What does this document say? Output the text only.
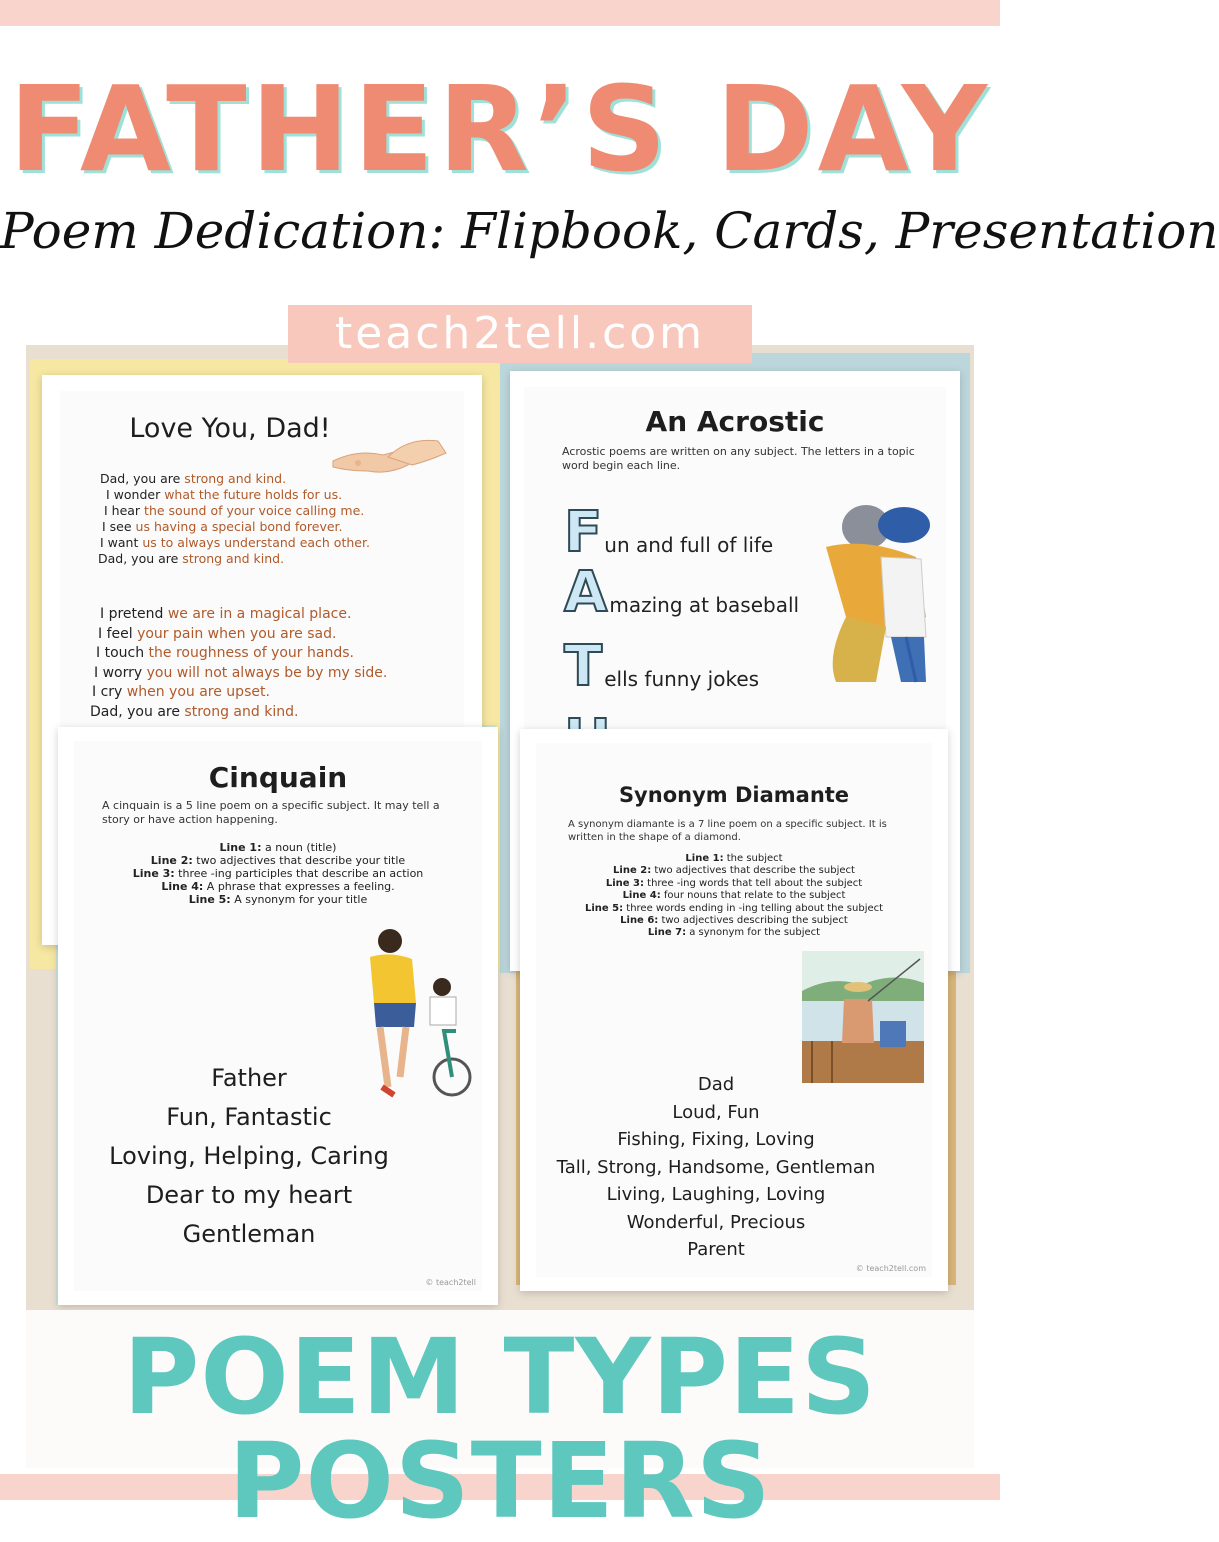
FATHER’S DAY
Poem Dedication: Flipbook, Cards, Presentation
Love You, Dad!
Dad, you are strong and kind.
I wonder what the future holds for us.
I hear the sound of your voice calling me.
I see us having a special bond forever.
I want us to always understand each other.
Dad, you are strong and kind.
I pretend we are in a magical place.
I feel your pain when you are sad.
I touch the roughness of your hands.
I worry you will not always be by my side.
I cry when you are upset.
Dad, you are strong and kind.
An Acrostic
Acrostic poems are written on any subject. The letters in a topic word begin each line.
F un and full of life
A mazing at baseball
T ells funny jokes
Cinquain
A cinquain is a 5 line poem on a specific subject. It may tell a story or have action happening.
Line 1: a noun (title)
Line 2: two adjectives that describe your title
Line 3: three -ing participles that describe an action
Line 4: A phrase that expresses a feeling.
Line 5: A synonym for your title
Father
Fun, Fantastic
Loving, Helping, Caring
Dear to my heart
Gentleman
© teach2tell
Synonym Diamante
A synonym diamante is a 7 line poem on a specific subject. It is written in the shape of a diamond.
Line 1: the subject
Line 2: two adjectives that describe the subject
Line 3: three -ing words that tell about the subject
Line 4: four nouns that relate to the subject
Line 5: three words ending in -ing telling about the subject
Line 6: two adjectives describing the subject
Line 7: a synonym for the subject
Dad
Loud, Fun
Fishing, Fixing, Loving
Tall, Strong, Handsome, Gentleman
Living, Laughing, Loving
Wonderful, Precious
Parent
© teach2tell.com
teach2tell.com
POEM TYPES POSTERS
